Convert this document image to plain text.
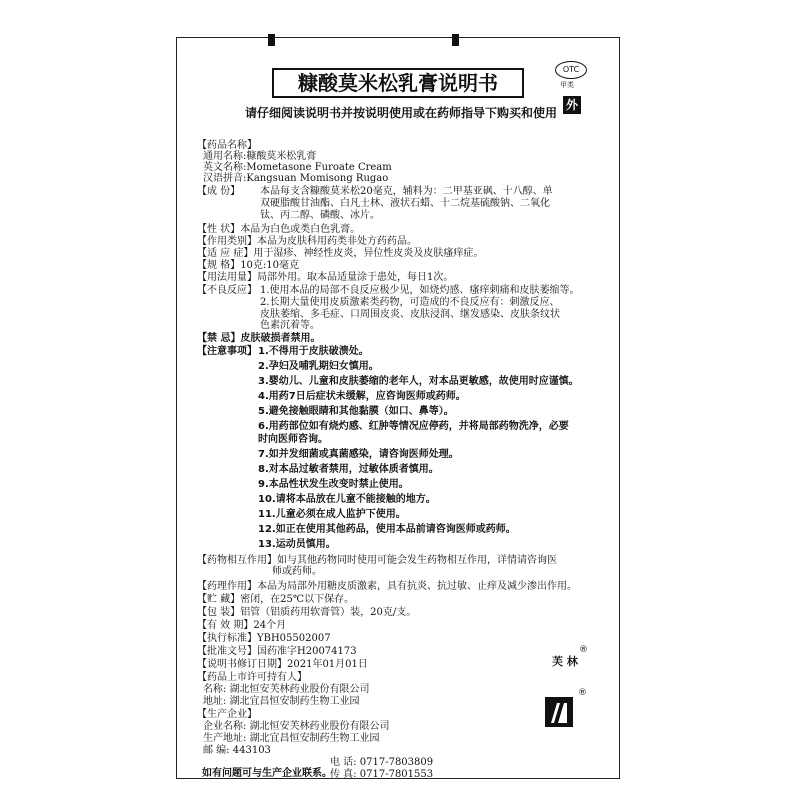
糠酸莫米松乳膏说明书
OTC
甲类
外
请仔细阅读说明书并按说明使用或在药师指导下购买和使用
【药品名称】
通用名称:糠酸莫米松乳膏
英文名称:Mometasone Furoate Cream
汉语拼音:Kangsuan Momisong Rugao
【成 份】 本品每支含糠酸莫米松20毫克，辅料为：二甲基亚砜、十八醇、单
双硬脂酸甘油酯、白凡士林、液状石蜡、十二烷基硫酸钠、二氧化
钛、丙二醇、磷酸、冰片。
【性 状】本品为白色或类白色乳膏。
【作用类别】本品为皮肤科用药类非处方药药品。
【适 应 症】用于湿疹、神经性皮炎，异位性皮炎及皮肤瘙痒症。
【规 格】10克:10毫克
【用法用量】局部外用。取本品适量涂于患处，每日1次。
【不良反应】 1.使用本品的局部不良反应极少见，如烧灼感、瘙痒刺痛和皮肤萎缩等。
2.长期大量使用皮质激素类药物，可造成的不良反应有：刺激反应、
皮肤萎缩、多毛症、口周围皮炎、皮肤浸润、继发感染、皮肤条纹状
色素沉着等。
【禁 忌】皮肤破损者禁用。
【注意事项】 1.不得用于皮肤破溃处。
2.孕妇及哺乳期妇女慎用。
3.婴幼儿、儿童和皮肤萎缩的老年人，对本品更敏感，故使用时应谨慎。
4.用药7日后症状未缓解，应咨询医师或药师。
5.避免接触眼睛和其他黏膜（如口、鼻等）。
6.用药部位如有烧灼感、红肿等情况应停药，并将局部药物洗净，必要
时向医师咨询。
7.如并发细菌或真菌感染，请咨询医师处理。
8.对本品过敏者禁用，过敏体质者慎用。
9.本品性状发生改变时禁止使用。
10.请将本品放在儿童不能接触的地方。
11.儿童必须在成人监护下使用。
12.如正在使用其他药品，使用本品前请咨询医师或药师。
13.运动员慎用。
【药物相互作用】如与其他药物同时使用可能会发生药物相互作用，详情请咨询医
师或药师。
【药理作用】本品为局部外用糖皮质激素，具有抗炎、抗过敏、止痒及减少渗出作用。
【贮 藏】密闭，在25℃以下保存。
【包 装】铝管（铝质药用软膏管）装，20克/支。
【有 效 期】24个月
【执行标准】YBH05502007
【批准文号】国药准字H20074173
【说明书修订日期】2021年01月01日
【药品上市许可持有人】
名称: 湖北恒安芙林药业股份有限公司
地址: 湖北宜昌恒安制药生物工业园
芙 林
®
【生产企业】
企业名称: 湖北恒安芙林药业股份有限公司
生产地址: 湖北宜昌恒安制药生物工业园
邮 编: 443103
®
电 话: 0717-7803809
传 真: 0717-7801553
如有问题可与生产企业联系。
